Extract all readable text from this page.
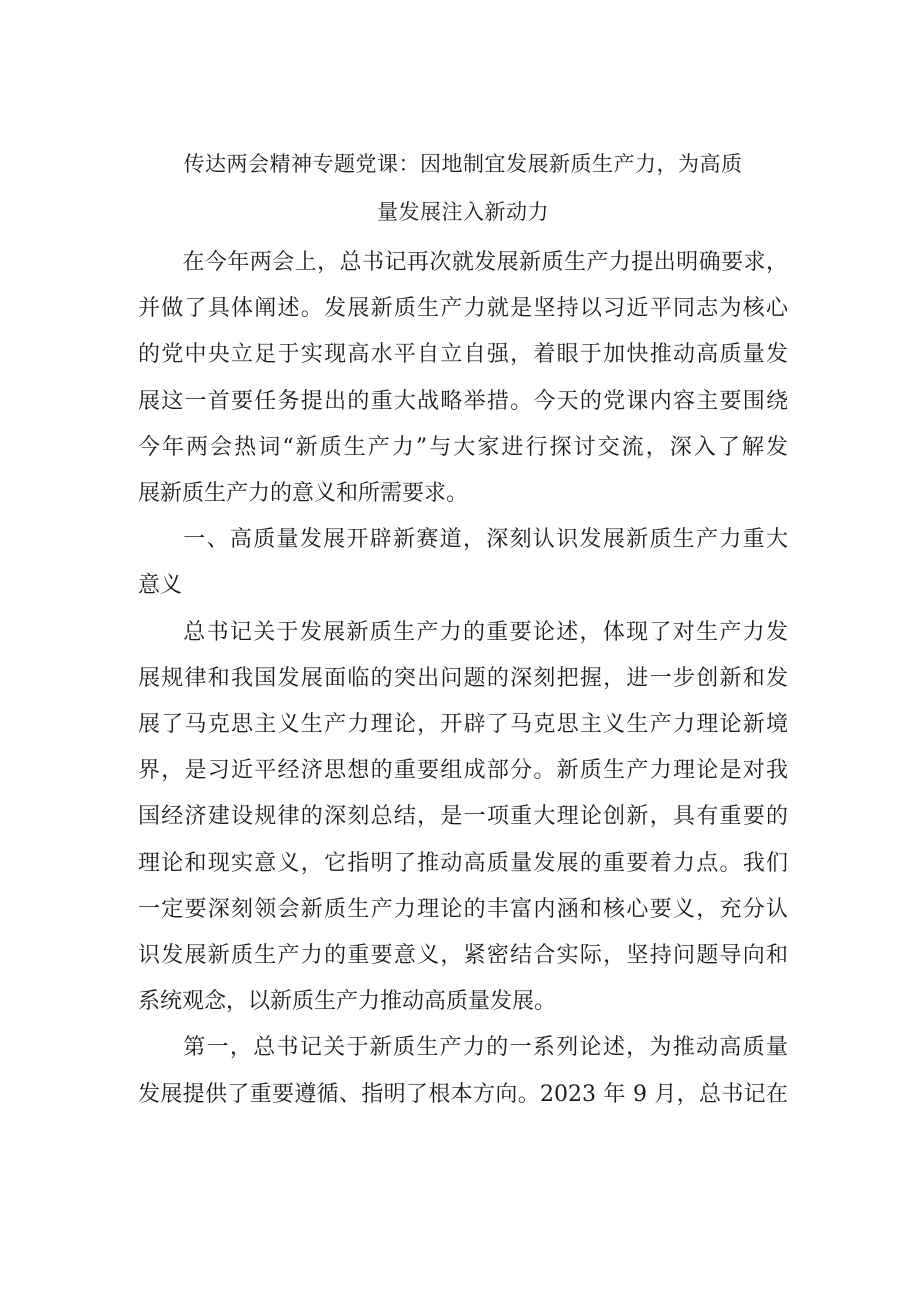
传达两会精神专题党课：因地制宜发展新质生产力，为高质
量发展注入新动力
在今年两会上，总书记再次就发展新质生产力提出明确要求，
并做了具体阐述。发展新质生产力就是坚持以习近平同志为核心
的党中央立足于实现高水平自立自强，着眼于加快推动高质量发
展这一首要任务提出的重大战略举措。今天的党课内容主要围绕
今年两会热词“新质生产力”与大家进行探讨交流，深入了解发
展新质生产力的意义和所需要求。
一、高质量发展开辟新赛道，深刻认识发展新质生产力重大
意义
总书记关于发展新质生产力的重要论述，体现了对生产力发
展规律和我国发展面临的突出问题的深刻把握，进一步创新和发
展了马克思主义生产力理论，开辟了马克思主义生产力理论新境
界，是习近平经济思想的重要组成部分。新质生产力理论是对我
国经济建设规律的深刻总结，是一项重大理论创新，具有重要的
理论和现实意义，它指明了推动高质量发展的重要着力点。我们
一定要深刻领会新质生产力理论的丰富内涵和核心要义，充分认
识发展新质生产力的重要意义，紧密结合实际，坚持问题导向和
系统观念，以新质生产力推动高质量发展。
第一，总书记关于新质生产力的一系列论述，为推动高质量
发展提供了重要遵循、指明了根本方向。2023 年 9 月，总书记在
